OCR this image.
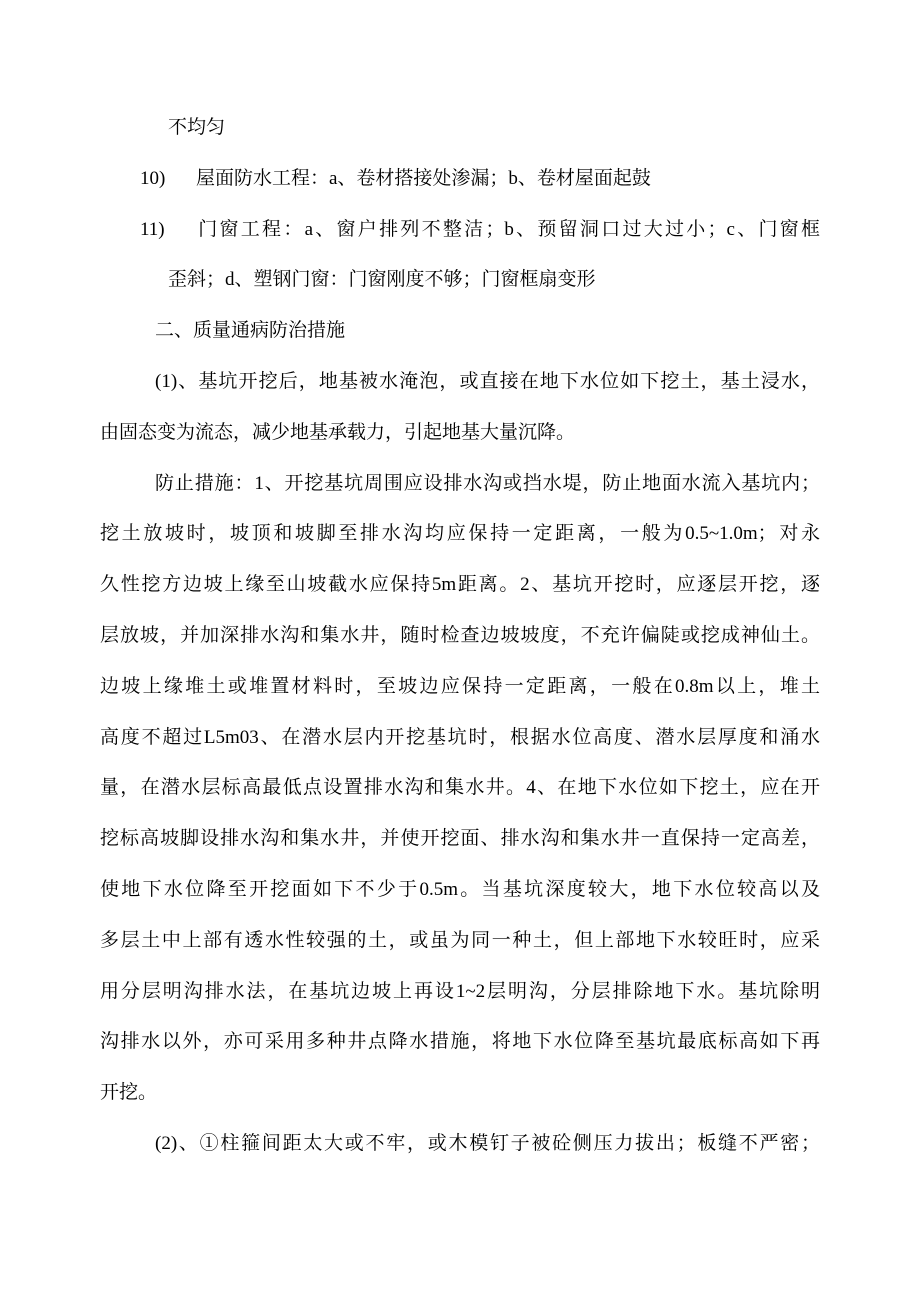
不均匀
10) 屋面防水工程：a、卷材搭接处渗漏；b、卷材屋面起鼓
11) 门窗工程：a、窗户排列不整洁；b、预留洞口过大过小；c、门窗框
歪斜；d、塑钢门窗：门窗刚度不够；门窗框扇变形
二、质量通病防治措施
(1)、基坑开挖后，地基被水淹泡，或直接在地下水位如下挖土，基土浸水，
由固态变为流态，减少地基承载力，引起地基大量沉降。
防止措施：1、开挖基坑周围应设排水沟或挡水堤，防止地面水流入基坑内；
挖土放坡时，坡顶和坡脚至排水沟均应保持一定距离，一般为0.5~1.0m；对永
久性挖方边坡上缘至山坡截水应保持5m距离。2、基坑开挖时，应逐层开挖，逐
层放坡，并加深排水沟和集水井，随时检查边坡坡度，不充许偏陡或挖成神仙土。
边坡上缘堆土或堆置材料时，至坡边应保持一定距离，一般在0.8m以上，堆土
高度不超过L5m03、在潜水层内开挖基坑时，根据水位高度、潜水层厚度和涌水
量，在潜水层标高最低点设置排水沟和集水井。4、在地下水位如下挖土，应在开
挖标高坡脚设排水沟和集水井，并使开挖面、排水沟和集水井一直保持一定高差，
使地下水位降至开挖面如下不少于0.5m。当基坑深度较大，地下水位较高以及
多层土中上部有透水性较强的土，或虽为同一种土，但上部地下水较旺时，应采
用分层明沟排水法，在基坑边坡上再设1~2层明沟，分层排除地下水。基坑除明
沟排水以外，亦可采用多种井点降水措施，将地下水位降至基坑最底标高如下再
开挖。
(2)、①柱箍间距太大或不牢，或木模钉子被砼侧压力拔出；板缝不严密；
